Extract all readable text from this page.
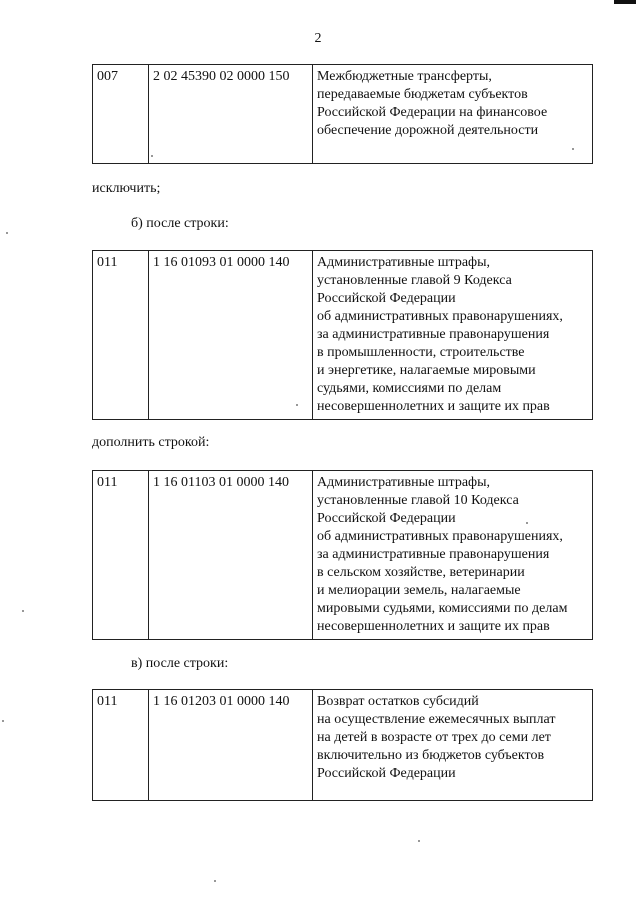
2
007	2 02 45390 02 0000 150	Межбюджетные трансферты,
передаваемые бюджетам субъектов
Российской Федерации на финансовое
обеспечение дорожной деятельности
исключить;
б) после строки:
011	1 16 01093 01 0000 140	Административные штрафы,
установленные главой 9 Кодекса
Российской Федерации
об административных правонарушениях,
за административные правонарушения
в промышленности, строительстве
и энергетике, налагаемые мировыми
судьями, комиссиями по делам
несовершеннолетних и защите их прав
дополнить строкой:
011	1 16 01103 01 0000 140	Административные штрафы,
установленные главой 10 Кодекса
Российской Федерации
об административных правонарушениях,
за административные правонарушения
в сельском хозяйстве, ветеринарии
и мелиорации земель, налагаемые
мировыми судьями, комиссиями по делам
несовершеннолетних и защите их прав
в) после строки:
011	1 16 01203 01 0000 140	Возврат остатков субсидий
на осуществление ежемесячных выплат
на детей в возрасте от трех до семи лет
включительно из бюджетов субъектов
Российской Федерации
